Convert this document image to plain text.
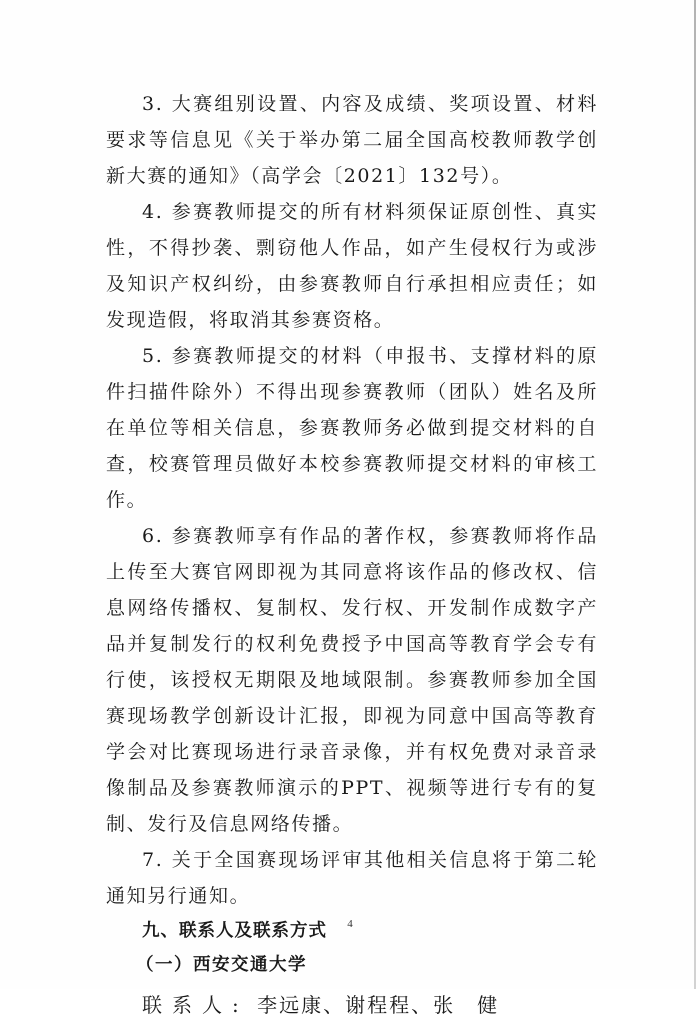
3. 大赛组别设置、内容及成绩、奖项设置、材料要求等信息见《关于举办第二届全国高校教师教学创新大赛的通知》（高学会〔2021〕132号）。

4. 参赛教师提交的所有材料须保证原创性、真实性，不得抄袭、剽窃他人作品，如产生侵权行为或涉及知识产权纠纷，由参赛教师自行承担相应责任；如发现造假，将取消其参赛资格。

5. 参赛教师提交的材料（申报书、支撑材料的原件扫描件除外）不得出现参赛教师（团队）姓名及所在单位等相关信息，参赛教师务必做到提交材料的自查，校赛管理员做好本校参赛教师提交材料的审核工作。

6. 参赛教师享有作品的著作权，参赛教师将作品上传至大赛官网即视为其同意将该作品的修改权、信息网络传播权、复制权、发行权、开发制作成数字产品并复制发行的权利免费授予中国高等教育学会专有行使，该授权无期限及地域限制。参赛教师参加全国赛现场教学创新设计汇报，即视为同意中国高等教育学会对比赛现场进行录音录像，并有权免费对录音录像制品及参赛教师演示的PPT、视频等进行专有的复制、发行及信息网络传播。

7. 关于全国赛现场评审其他相关信息将于第二轮通知另行通知。

九、联系人及联系方式

（一）西安交通大学

联系人: 李远康、谢程程、张　健

4
